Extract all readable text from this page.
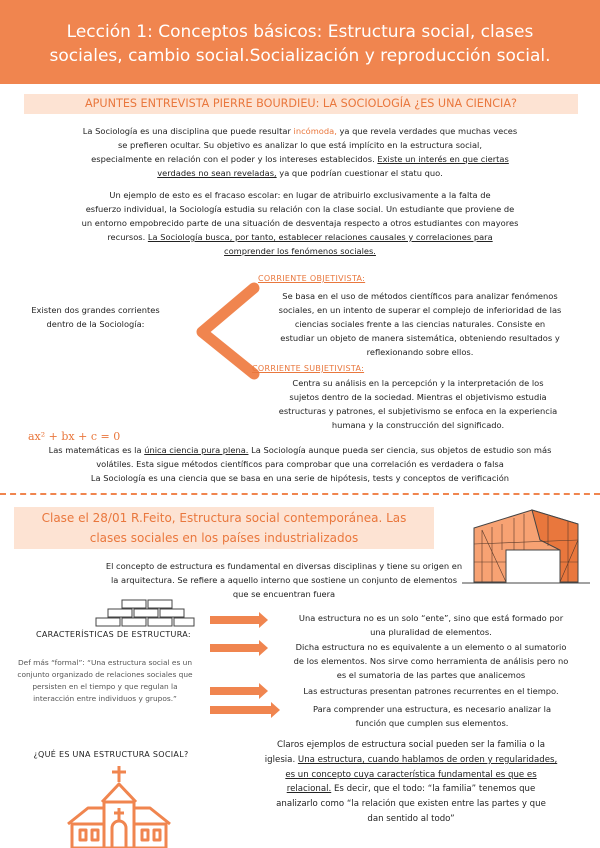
Lección 1: Conceptos básicos: Estructura social, clases
sociales, cambio social.Socialización y reproducción social.
APUNTES ENTREVISTA PIERRE BOURDIEU: LA SOCIOLOGÍA ¿ES UNA CIENCIA?
La Sociología es una disciplina que puede resultar incómoda, ya que revela verdades que muchas veces
se prefieren ocultar. Su objetivo es analizar lo que está implícito en la estructura social,
especialmente en relación con el poder y los intereses establecidos. Existe un interés en que ciertas
verdades no sean reveladas, ya que podrían cuestionar el statu quo.
Un ejemplo de esto es el fracaso escolar: en lugar de atribuirlo exclusivamente a la falta de
esfuerzo individual, la Sociología estudia su relación con la clase social. Un estudiante que proviene de
un entorno empobrecido parte de una situación de desventaja respecto a otros estudiantes con mayores
recursos. La Sociología busca, por tanto, establecer relaciones causales y correlaciones para
comprender los fenómenos sociales.
Existen dos grandes corrientes
dentro de la Sociología:
CORRIENTE OBJETIVISTA:
Se basa en el uso de métodos científicos para analizar fenómenos
sociales, en un intento de superar el complejo de inferioridad de las
ciencias sociales frente a las ciencias naturales. Consiste en
estudiar un objeto de manera sistemática, obteniendo resultados y
reflexionando sobre ellos.
CORRIENTE SUBJETIVISTA:
Centra su análisis en la percepción y la interpretación de los
sujetos dentro de la sociedad. Mientras el objetivismo estudia
estructuras y patrones, el subjetivismo se enfoca en la experiencia
humana y la construcción del significado.
ax² + bx + c = 0
Las matemáticas es la única ciencia pura plena. La Sociología aunque pueda ser ciencia, sus objetos de estudio son más
volátiles. Esta sigue métodos científicos para comprobar que una correlación es verdadera o falsa
La Sociología es una ciencia que se basa en una serie de hipótesis, tests y conceptos de verificación
Clase el 28/01 R.Feito, Estructura social contemporánea. Las
clases sociales en los países industrializados
El concepto de estructura es fundamental en diversas disciplinas y tiene su origen en
la arquitectura. Se refiere a aquello interno que sostiene un conjunto de elementos
que se encuentran fuera
CARACTERÍSTICAS DE ESTRUCTURA:
Una estructura no es un solo “ente”, sino que está formado por
una pluralidad de elementos.
Dicha estructura no es equivalente a un elemento o al sumatorio
de los elementos. Nos sirve como herramienta de análisis pero no
es el sumatoria de las partes que analicemos
Las estructuras presentan patrones recurrentes en el tiempo.
Para comprender una estructura, es necesario analizar la
función que cumplen sus elementos.
Def más “formal”: “Una estructura social es un
conjunto organizado de relaciones sociales que
persisten en el tiempo y que regulan la
interacción entre individuos y grupos.”
¿QUÉ ES UNA ESTRUCTURA SOCIAL?
Claros ejemplos de estructura social pueden ser la familia o la
iglesia. Una estructura, cuando hablamos de orden y regularidades,
es un concepto cuya característica fundamental es que es
relacional. Es decir, que el todo: “la familia” tenemos que
analizarlo como “la relación que existen entre las partes y que
dan sentido al todo”
